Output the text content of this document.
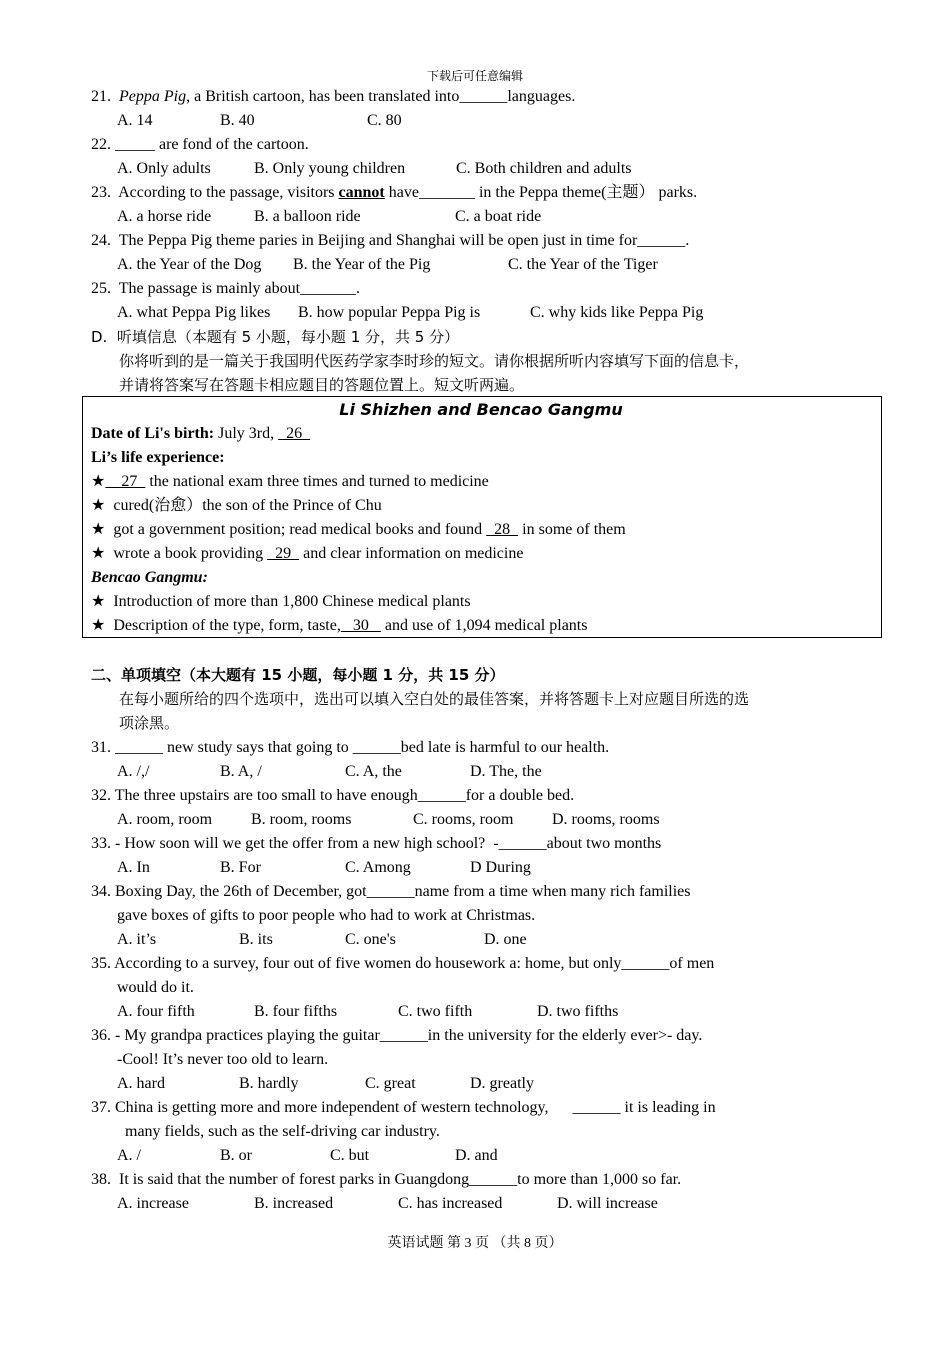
下载后可任意编辑
21. Peppa Pig, a British cartoon, has been translated into______languages.
A. 14	B. 40	C. 80
22. _____ are fond of the cartoon.
A. Only adults	B. Only young children	C. Both children and adults
23. According to the passage, visitors cannot have_______ in the Peppa theme(主题） parks.
A. a horse ride	B. a balloon ride	C. a boat ride
24. The Peppa Pig theme paries in Beijing and Shanghai will be open just in time for______.
A. the Year of the Dog B. the Year of the Pig	C. the Year of the Tiger
25. The passage is mainly about_______.
A. what Peppa Pig likes B. how popular Peppa Pig is	C. why kids like Peppa Pig
D.  听填信息（本题有 5 小题，每小题 1 分，共 5 分）
你将听到的是一篇关于我国明代医药学家李时珍的短文。请你根据所听内容填写下面的信息卡，
并请将答案写在答题卡相应题目的答题位置上。短文听两遍。
Li Shizhen and Bencao Gangmu
Date of Li's birth: July 3rd,   26
Li’s life experience:
★    27   the national exam three times and turned to medicine
★  cured(治愈）the son of the Prince of Chu
★  got a government position; read medical books and found   28   in some of them
★  wrote a book providing   29   and clear information on medicine
Bencao Gangmu:
★  Introduction of more than 1,800 Chinese medical plants
★  Description of the type, form, taste,   30    and use of 1,094 medical plants
二、单项填空（本大题有 15 小题，每小题 1 分，共 15 分）
在每小题所给的四个选项中，选出可以填入空白处的最佳答案，并将答题卡上对应题目所选的选
项涂黑。
31. ______ new study says that going to ______bed late is harmful to our health.
A. /,/	B. A, /	C. A, the	D. The, the
32. The three upstairs are too small to have enough______for a double bed.
A. room, room B. room, rooms	C. rooms, room D. rooms, rooms
33. - How soon will we get the offer from a new high school?  -______about two months
A. In	B. For	C. Among	D During
34. Boxing Day, the 26th of December, got______name from a time when many rich families
gave boxes of gifts to poor people who had to work at Christmas.
A. it’s	B. its	C. one's	D. one
35. According to a survey, four out of five women do housework a: home, but only______of men
would do it.
A. four fifth	B. four fifths	C. two fifth	D. two fifths
36. - My grandpa practices playing the guitar______in the university for the elderly ever>- day.
-Cool! It’s never too old to learn.
A. hard	B. hardly	C. great	D. greatly
37. China is getting more and more independent of western technology,      ______ it is leading in
many fields, such as the self-driving car industry.
A. /	B. or	C. but	D. and
38.  It is said that the number of forest parks in Guangdong______to more than 1,000 so far.
A. increase	B. increased	C. has increased	D. will increase
英语试题 第 3 页 （共 8 页）
